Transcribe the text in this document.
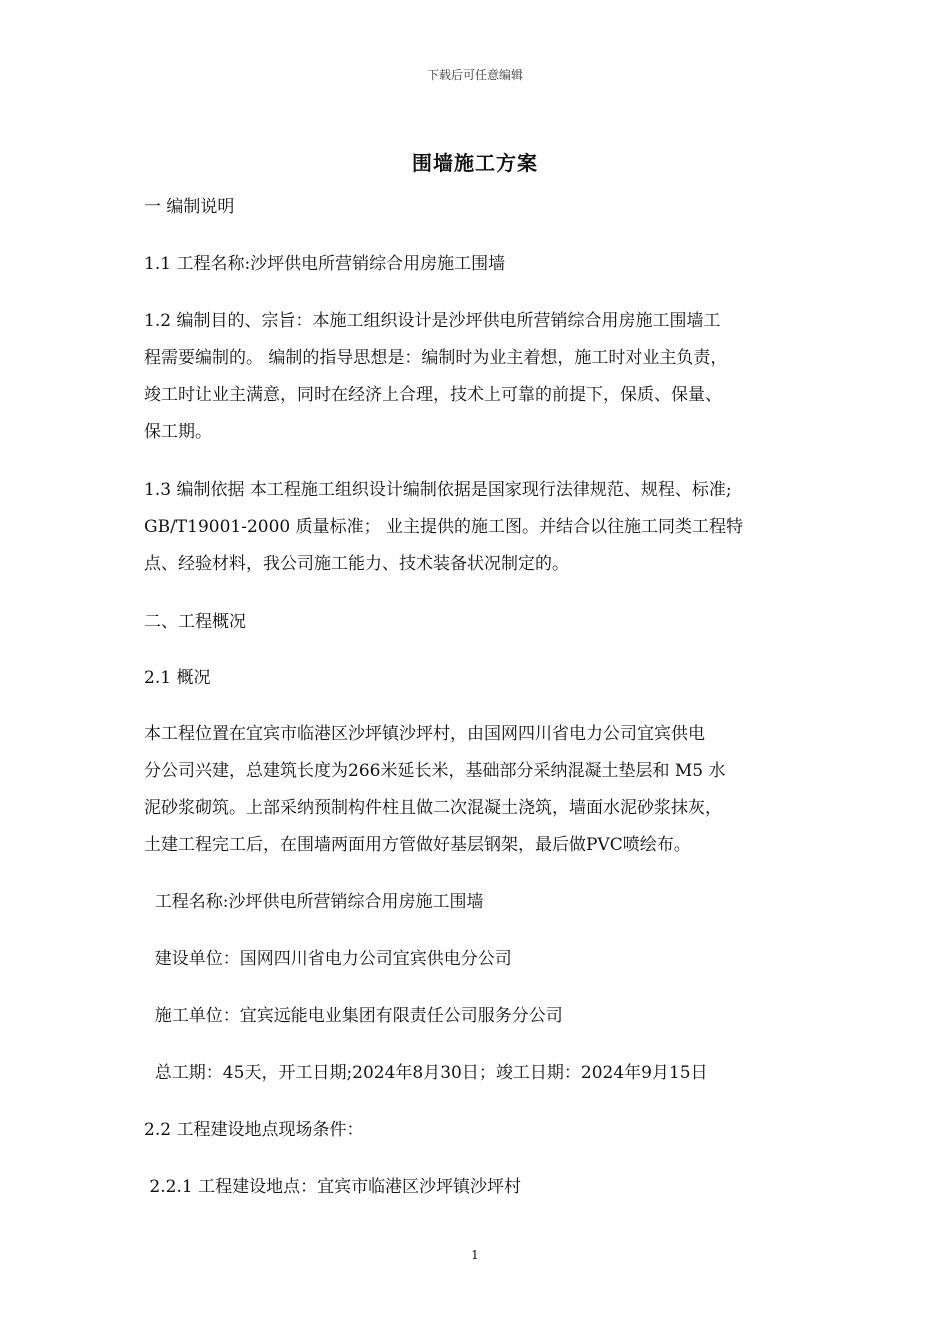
下载后可任意编辑
围墙施工方案

一 编制说明

1.1 工程名称:沙坪供电所营销综合用房施工围墙

1.2 编制目的、宗旨：本施工组织设计是沙坪供电所营销综合用房施工围墙工
程需要编制的。 编制的指导思想是：编制时为业主着想，施工时对业主负责，
竣工时让业主满意，同时在经济上合理，技术上可靠的前提下，保质、保量、
保工期。

1.3 编制依据 本工程施工组织设计编制依据是国家现行法律规范、规程、标准;
GB/T19001-2000 质量标准； 业主提供的施工图。并结合以往施工同类工程特
点、经验材料，我公司施工能力、技术装备状况制定的。

二、工程概况

2.1 概况

本工程位置在宜宾市临港区沙坪镇沙坪村，由国网四川省电力公司宜宾供电
分公司兴建，总建筑长度为266米延长米，基础部分采纳混凝土垫层和 M5 水
泥砂浆砌筑。上部采纳预制构件柱且做二次混凝土浇筑，墙面水泥砂浆抹灰，
土建工程完工后，在围墙两面用方管做好基层钢架，最后做PVC喷绘布。

工程名称:沙坪供电所营销综合用房施工围墙

建设单位：国网四川省电力公司宜宾供电分公司

施工单位：宜宾远能电业集团有限责任公司服务分公司

总工期：45天，开工日期;2024年8月30日；竣工日期：2024年9月15日

2.2 工程建设地点现场条件：

2.2.1 工程建设地点：宜宾市临港区沙坪镇沙坪村

1
